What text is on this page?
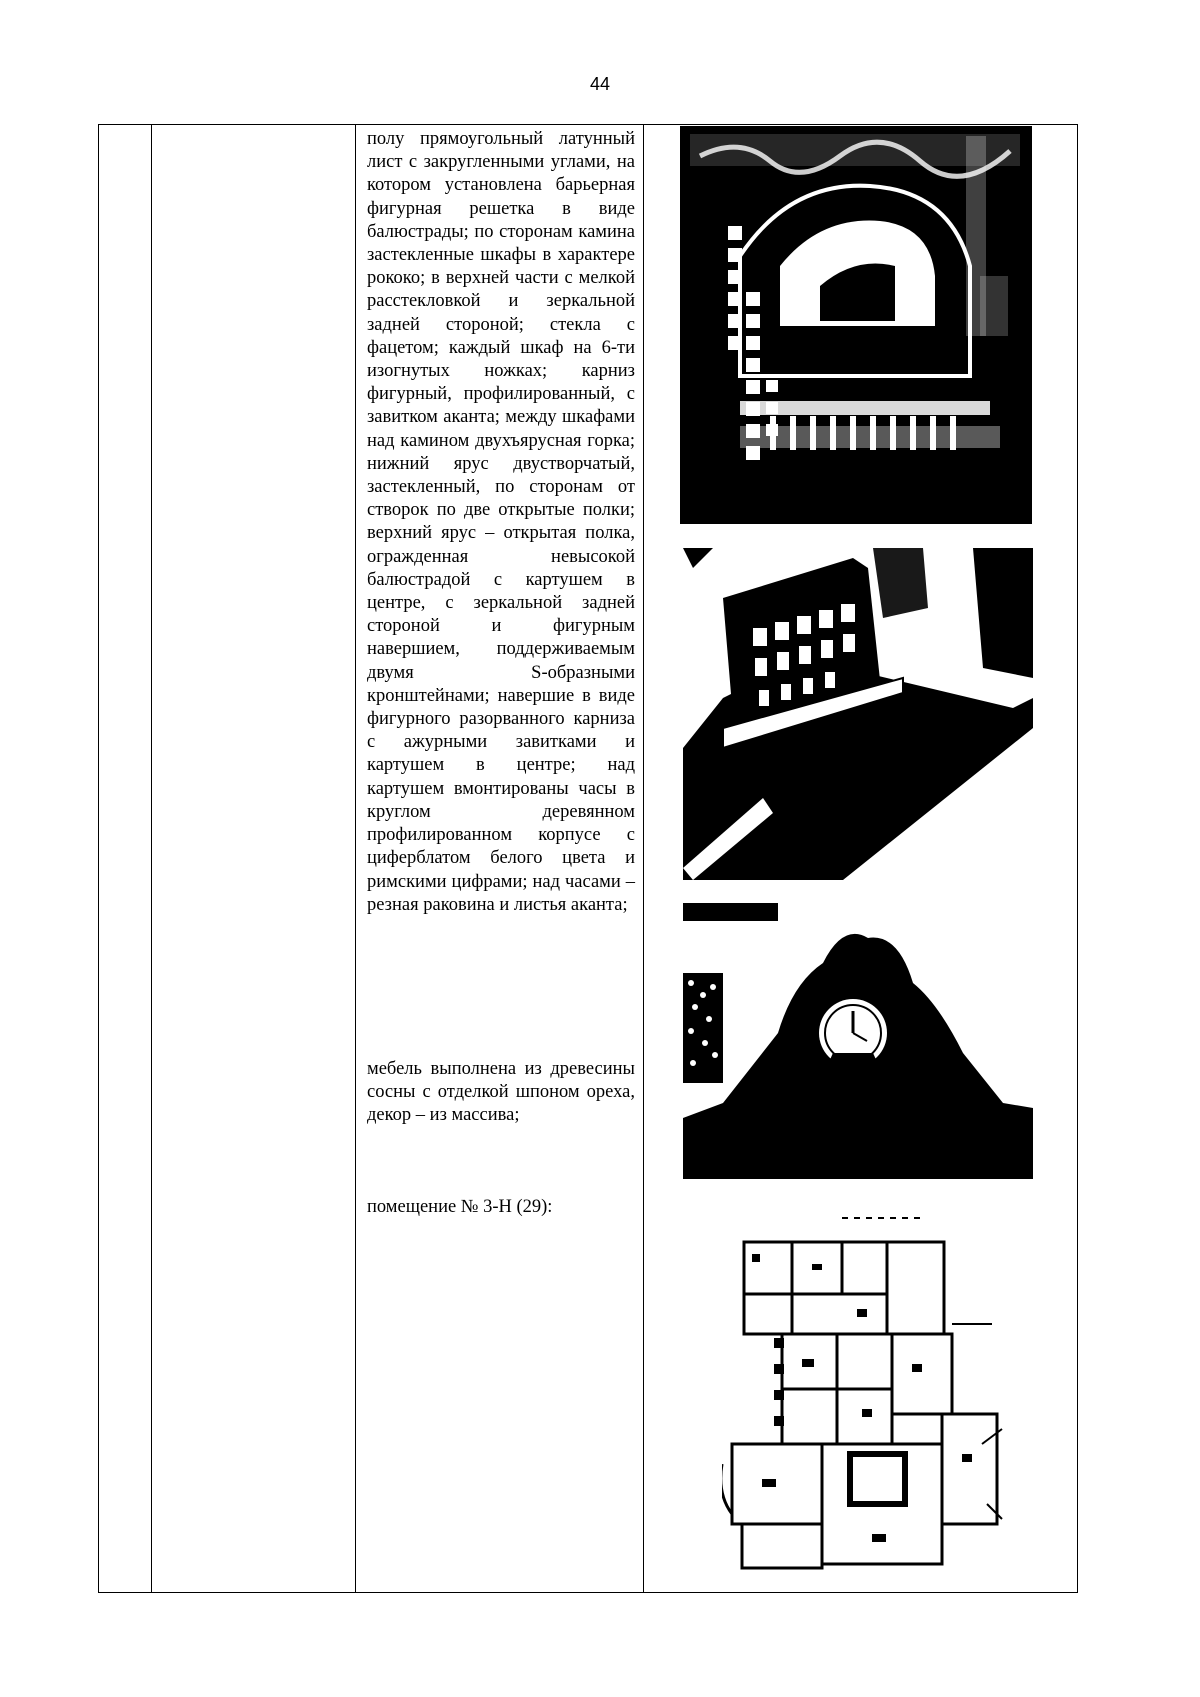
44

полу прямоугольный латунный лист с закругленными углами, на котором установлена барьерная фигурная решетка в виде балюстрады; по сторонам камина застекленные шкафы в характере рококо; в верхней части с мелкой расстекловкой и зеркальной задней стороной; стекла с фацетом; каждый шкаф на 6-ти изогнутых ножках; карниз фигурный, профилированный, с завитком аканта; между шкафами над камином двухъярусная горка; нижний ярус двустворчатый, застекленный, по сторонам от створок по две открытые полки; верхний ярус – открытая полка, огражденная невысокой балюстрадой с картушем в центре, с зеркальной задней стороной и фигурным навершием, поддерживаемым двумя S-образными кронштейнами; навершие в виде фигурного разорванного карниза с ажурными завитками и картушем в центре; над картушем вмонтированы часы в круглом деревянном профилированном корпусе с циферблатом белого цвета и римскими цифрами; над часами – резная раковина и листья аканта;

мебель выполнена из древесины сосны с отделкой шпоном ореха, декор – из массива;

помещение № 3-Н (29):
